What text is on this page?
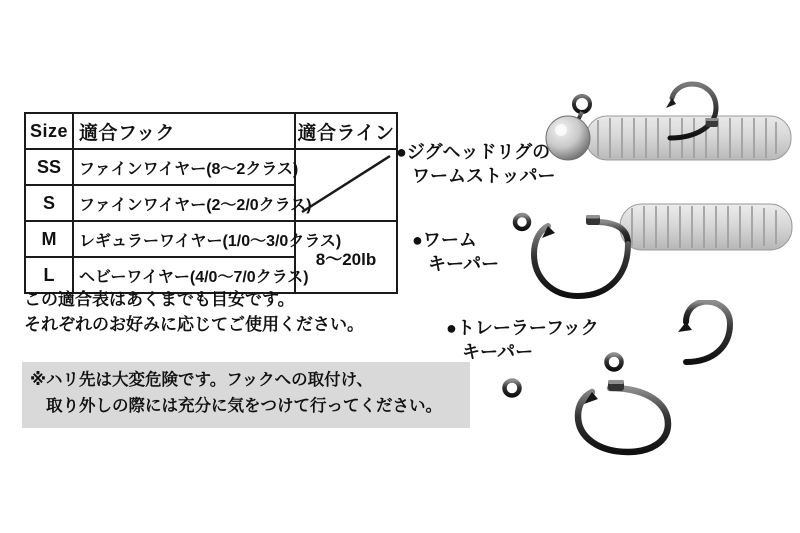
Size	適合フック	適合ライン
SS	ファインワイヤー(8〜2クラス)

S	ファインワイヤー(2〜2/0クラス)	

M	レギュラーワイヤー(1/0〜3/0クラス)	8〜20lb
L	ヘビーワイヤー(4/0〜7/0クラス)	
この適合表はあくまでも目安です。
それぞれのお好みに応じてご使用ください。
※ハリ先は大変危険です。フックへの取付け、
取り外しの際には充分に気をつけて行ってください。
●ジグヘッドリグの
ワームストッパー
●ワーム
キーパー
●トレーラーフック
キーパー
